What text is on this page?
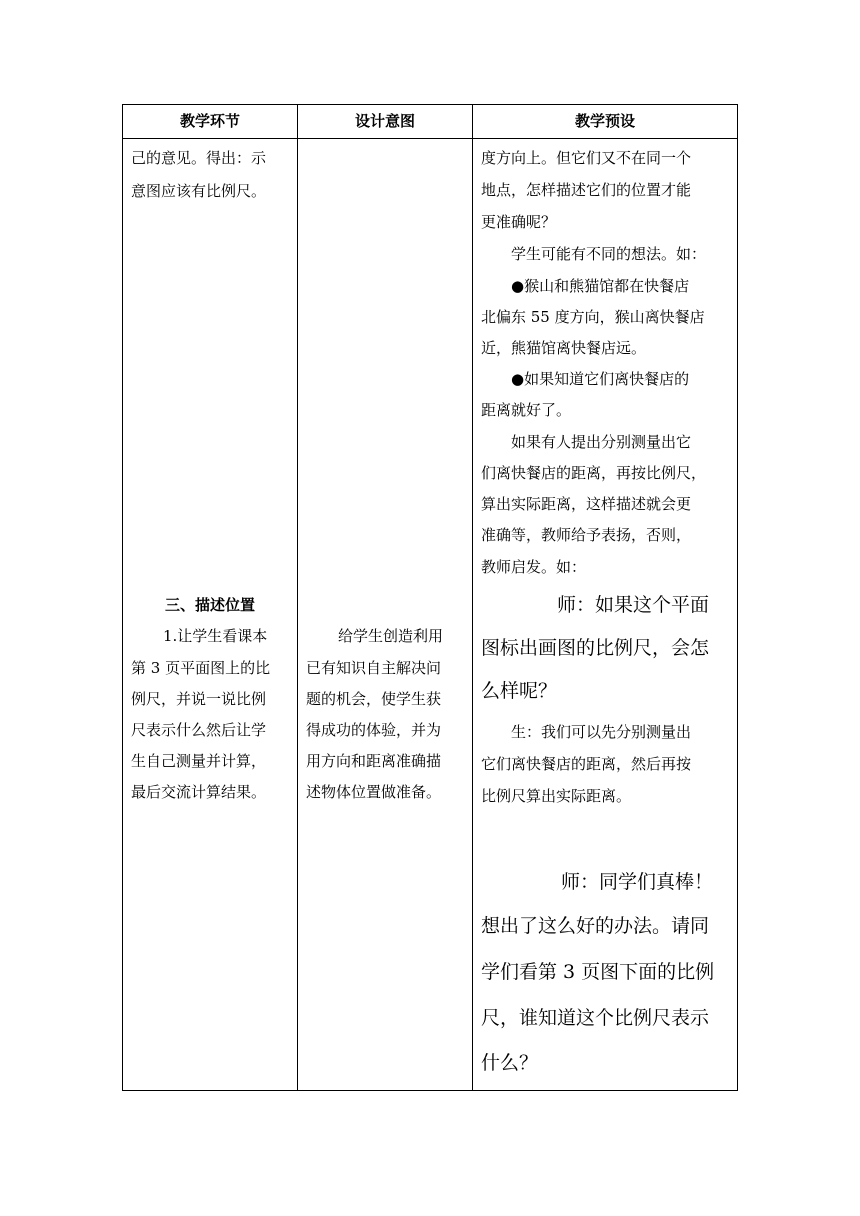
教学环节	设计意图	教学预设
己的意见。得出：示
意图应该有比例尺。
三、描述位置
1.让学生看课本
第 3 页平面图上的比
例尺，并说一说比例
尺表示什么然后让学
生自己测量并计算，
最后交流计算结果。
给学生创造利用
已有知识自主解决问
题的机会，使学生获
得成功的体验，并为
用方向和距离准确描
述物体位置做准备。
度方向上。但它们又不在同一个
地点，怎样描述它们的位置才能
更准确呢？
学生可能有不同的想法。如：
●猴山和熊猫馆都在快餐店
北偏东 55 度方向，猴山离快餐店
近，熊猫馆离快餐店远。
●如果知道它们离快餐店的
距离就好了。
如果有人提出分别测量出它
们离快餐店的距离，再按比例尺，
算出实际距离，这样描述就会更
准确等，教师给予表扬，否则，
教师启发。如：
师：如果这个平面
图标出画图的比例尺，会怎
么样呢？
生：我们可以先分别测量出
它们离快餐店的距离，然后再按
比例尺算出实际距离。
师：同学们真棒！
想出了这么好的办法。请同
学们看第 3 页图下面的比例
尺，谁知道这个比例尺表示
什么？
